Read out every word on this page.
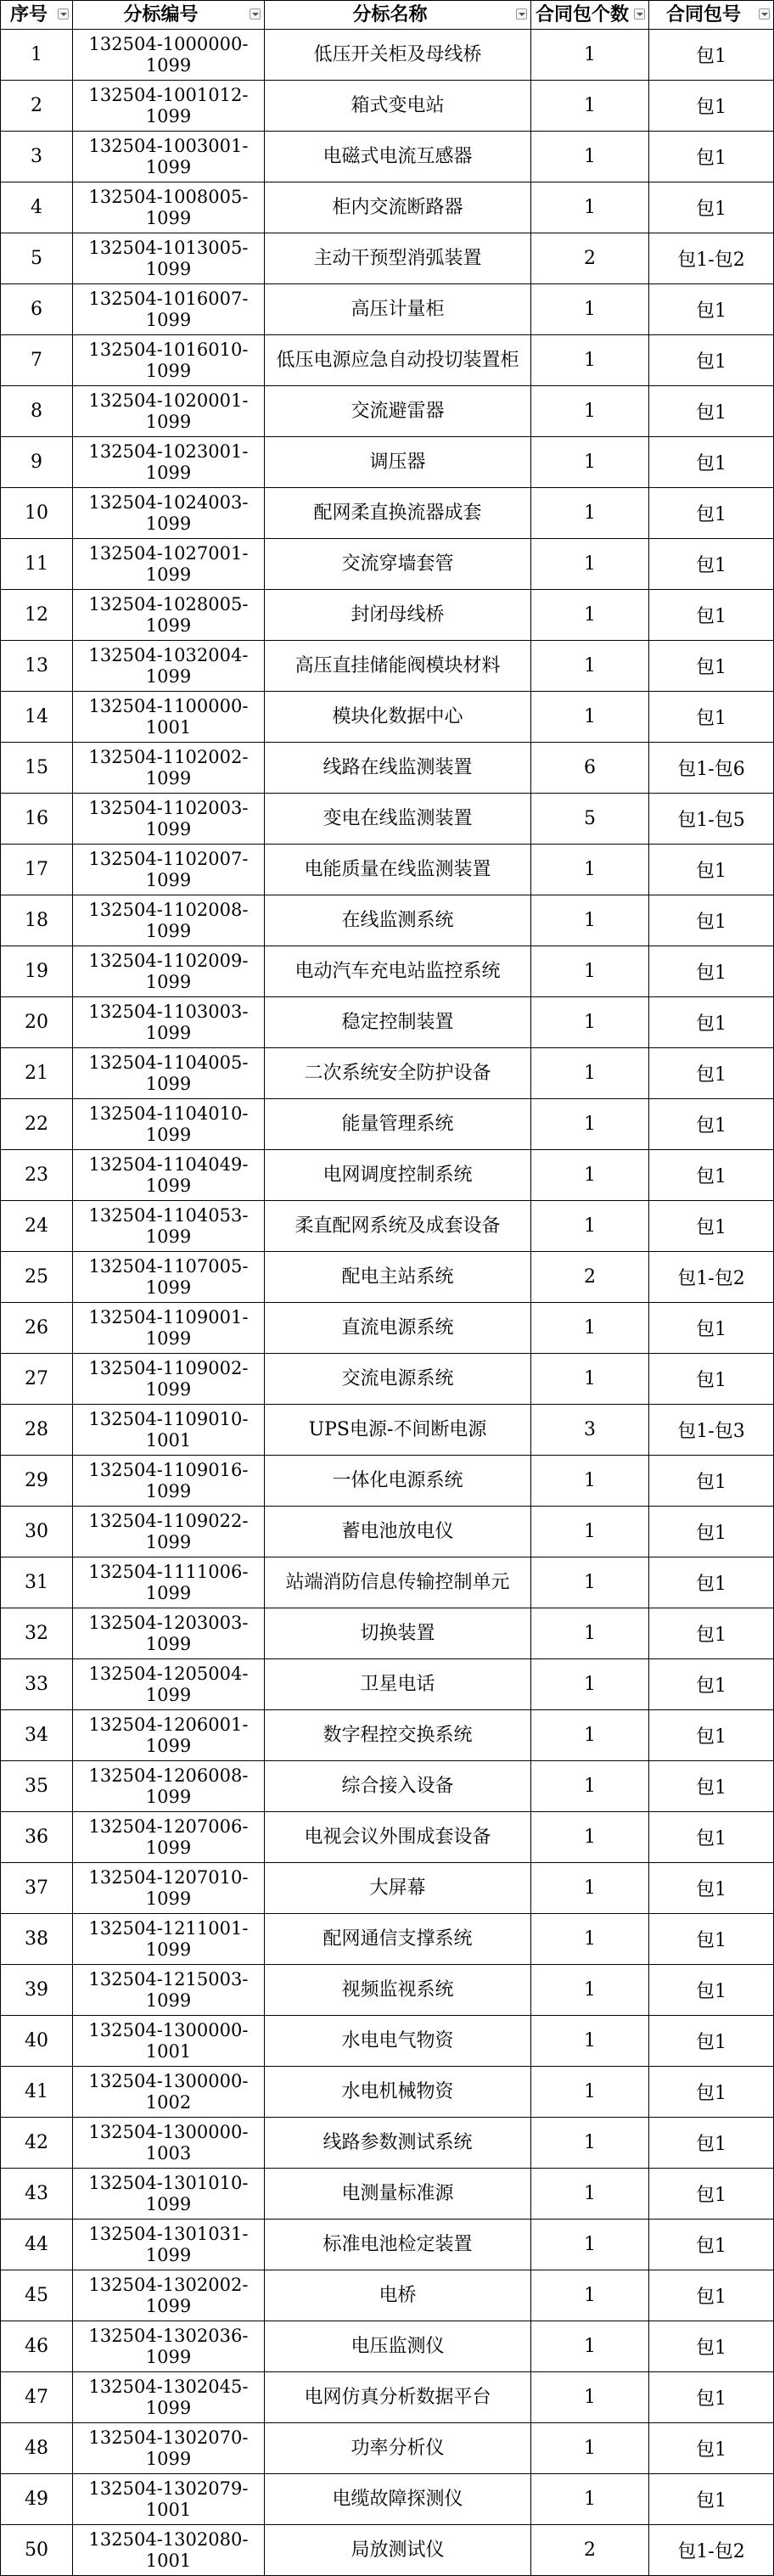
序号	分标编号	分标名称	合同包个数	合同包号

1	132504-1000000-1099	低压开关柜及母线桥	1	包1
2	132504-1001012-1099	箱式变电站	1	包1
3	132504-1003001-1099	电磁式电流互感器	1	包1
4	132504-1008005-1099	柜内交流断路器	1	包1
5	132504-1013005-1099	主动干预型消弧装置	2	包1-包2
6	132504-1016007-1099	高压计量柜	1	包1
7	132504-1016010-1099	低压电源应急自动投切装置柜	1	包1
8	132504-1020001-1099	交流避雷器	1	包1
9	132504-1023001-1099	调压器	1	包1
10	132504-1024003-1099	配网柔直换流器成套	1	包1
11	132504-1027001-1099	交流穿墙套管	1	包1
12	132504-1028005-1099	封闭母线桥	1	包1
13	132504-1032004-1099	高压直挂储能阀模块材料	1	包1
14	132504-1100000-1001	模块化数据中心	1	包1
15	132504-1102002-1099	线路在线监测装置	6	包1-包6
16	132504-1102003-1099	变电在线监测装置	5	包1-包5
17	132504-1102007-1099	电能质量在线监测装置	1	包1
18	132504-1102008-1099	在线监测系统	1	包1
19	132504-1102009-1099	电动汽车充电站监控系统	1	包1
20	132504-1103003-1099	稳定控制装置	1	包1
21	132504-1104005-1099	二次系统安全防护设备	1	包1
22	132504-1104010-1099	能量管理系统	1	包1
23	132504-1104049-1099	电网调度控制系统	1	包1
24	132504-1104053-1099	柔直配网系统及成套设备	1	包1
25	132504-1107005-1099	配电主站系统	2	包1-包2
26	132504-1109001-1099	直流电源系统	1	包1
27	132504-1109002-1099	交流电源系统	1	包1
28	132504-1109010-1001	UPS电源-不间断电源	3	包1-包3
29	132504-1109016-1099	一体化电源系统	1	包1
30	132504-1109022-1099	蓄电池放电仪	1	包1
31	132504-1111006-1099	站端消防信息传输控制单元	1	包1
32	132504-1203003-1099	切换装置	1	包1
33	132504-1205004-1099	卫星电话	1	包1
34	132504-1206001-1099	数字程控交换系统	1	包1
35	132504-1206008-1099	综合接入设备	1	包1
36	132504-1207006-1099	电视会议外围成套设备	1	包1
37	132504-1207010-1099	大屏幕	1	包1
38	132504-1211001-1099	配网通信支撑系统	1	包1
39	132504-1215003-1099	视频监视系统	1	包1
40	132504-1300000-1001	水电电气物资	1	包1
41	132504-1300000-1002	水电机械物资	1	包1
42	132504-1300000-1003	线路参数测试系统	1	包1
43	132504-1301010-1099	电测量标准源	1	包1
44	132504-1301031-1099	标准电池检定装置	1	包1
45	132504-1302002-1099	电桥	1	包1
46	132504-1302036-1099	电压监测仪	1	包1
47	132504-1302045-1099	电网仿真分析数据平台	1	包1
48	132504-1302070-1099	功率分析仪	1	包1
49	132504-1302079-1001	电缆故障探测仪	1	包1
50	132504-1302080-1001	局放测试仪	2	包1-包2
